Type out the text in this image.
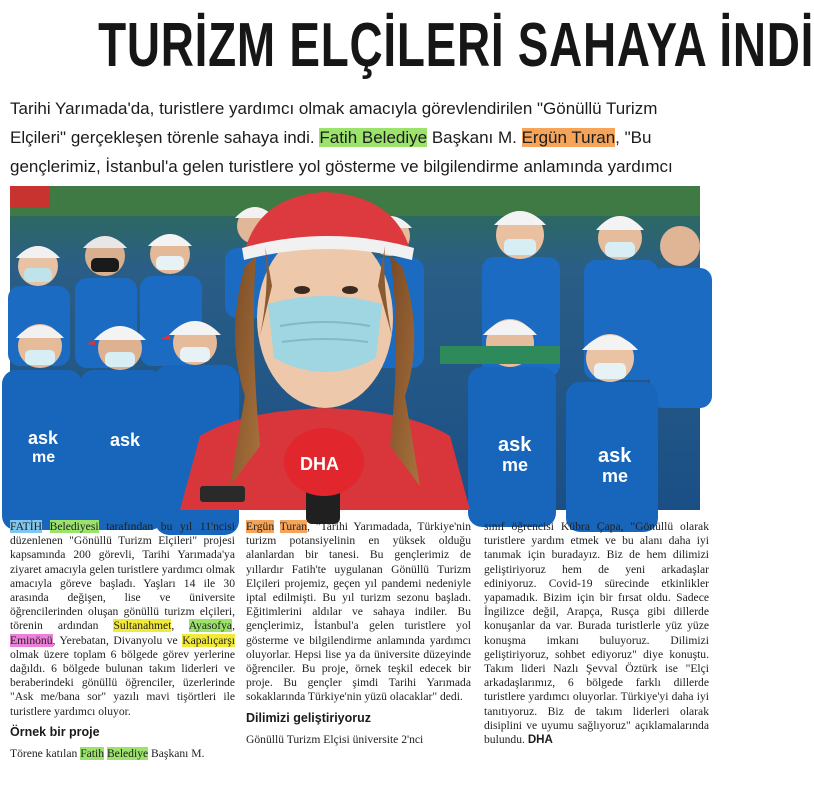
TURİZM ELÇİLERİ SAHAYA İNDİ

Tarihi Yarımada'da, turistlere yardımcı olmak amacıyla görevlendirilen "Gönüllü Turizm Elçileri" gerçekleşen törenle sahaya indi. Fatih Belediye Başkanı M. Ergün Turan, "Bu gençlerimiz, İstanbul'a gelen turistlere yol gösterme ve bilgilendirme anlamında yardımcı

ask
me
ask	ask
me	ask
me
DHA

FATİH Belediyesi tarafından bu yıl 11'ncisi düzenlenen "Gönüllü Turizm Elçileri" projesi kapsamında 200 görevli, Tarihi Yarımada'ya ziyaret amacıyla gelen turistlere yardımcı olmak amacıyla göreve başladı. Yaşları 14 ile 30 arasında değişen, lise ve üniversite öğrencilerinden oluşan gönüllü turizm elçileri, törenin ardından Sultanahmet, Ayasofya, Eminönü, Yerebatan, Divanyolu ve Kapalıçarşı olmak üzere toplam 6 bölgede görev yerlerine dağıldı. 6 bölgede bulunan takım liderleri ve beraberindeki gönüllü öğrenciler, üzerlerinde "Ask me/bana sor" yazılı mavi tişörtleri ile turistlere yardımcı oluyor.

Örnek bir proje

Törene katılan Fatih Belediye Başkanı M.

Ergün Turan, "Tarihi Yarımadada, Türkiye'nin turizm potansiyelinin en yüksek olduğu alanlardan bir tanesi. Bu gençlerimiz de yıllardır Fatih'te uygulanan Gönüllü Turizm Elçileri projemiz, geçen yıl pandemi nedeniyle iptal edilmişti. Bu yıl turizm sezonu başladı. Eğitimlerini aldılar ve sahaya indiler. Bu gençlerimiz, İstanbul'a gelen turistlere yol gösterme ve bilgilendirme anlamında yardımcı oluyorlar. Hepsi lise ya da üniversite düzeyinde öğrenciler. Bu proje, örnek teşkil edecek bir proje. Bu gençler şimdi Tarihi Yarımada sokaklarında Türkiye'nin yüzü olacaklar" dedi.

Dilimizi geliştiriyoruz

Gönüllü Turizm Elçisi üniversite 2'nci

sınıf öğrencisi Kübra Çapa, "Gönüllü olarak turistlere yardım etmek ve bu alanı daha iyi tanımak için buradayız. Biz de hem dilimizi geliştiriyoruz hem de yeni arkadaşlar ediniyoruz. Covid-19 sürecinde etkinlikler yapamadık. Bizim için bir fırsat oldu. Sadece İngilizce değil, Arapça, Rusça gibi dillerde konuşanlar da var. Burada turistlerle yüz yüze konuşma imkanı buluyoruz. Dilimizi geliştiriyoruz, sohbet ediyoruz" diye konuştu. Takım lideri Nazlı Şevval Öztürk ise "Elçi arkadaşlarımız, 6 bölgede farklı dillerde turistlere yardımcı oluyorlar. Türkiye'yi daha iyi tanıtıyoruz. Biz de takım liderleri olarak disiplini ve uyumu sağlıyoruz" açıklamalarında bulundu. DHA
